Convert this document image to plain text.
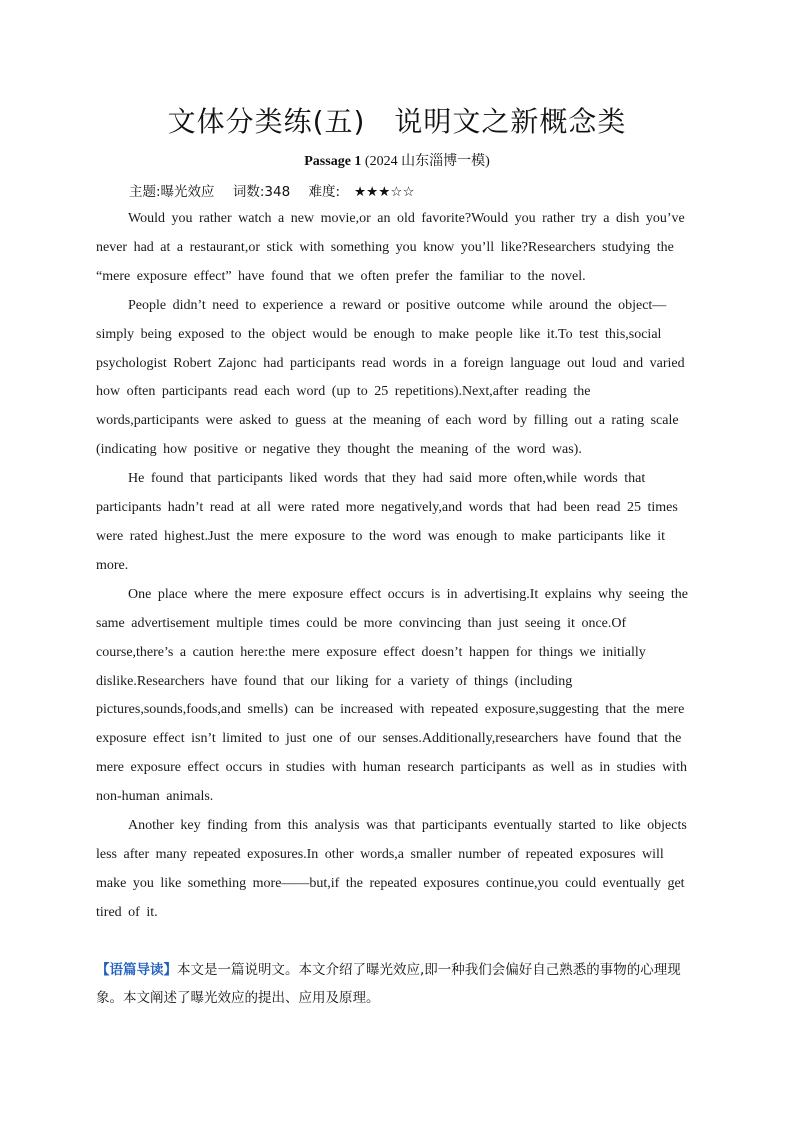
文体分类练(五)　说明文之新概念类
Passage 1 (2024 山东淄博一模)
主题:曝光效应 词数:348 难度: ★★★☆☆

Would you rather watch a new movie,or an old favorite?Would you rather try a dish you’ve never had at a restaurant,or stick with something you know you’ll like?Researchers studying the “mere exposure effect” have found that we often prefer the familiar to the novel.

People didn’t need to experience a reward or positive outcome while around the object—simply being exposed to the object would be enough to make people like it.To test this,social psychologist Robert Zajonc had participants read words in a foreign language out loud and varied how often participants read each word (up to 25 repetitions).Next,after reading the words,participants were asked to guess at the meaning of each word by filling out a rating scale (indicating how positive or negative they thought the meaning of the word was).

He found that participants liked words that they had said more often,while words that participants hadn’t read at all were rated more negatively,and words that had been read 25 times were rated highest.Just the mere exposure to the word was enough to make participants like it more.

One place where the mere exposure effect occurs is in advertising.It explains why seeing the same advertisement multiple times could be more convincing than just seeing it once.Of course,there’s a caution here:the mere exposure effect doesn’t happen for things we initially dislike.Researchers have found that our liking for a variety of things (including pictures,sounds,foods,and smells) can be increased with repeated exposure,suggesting that the mere exposure effect isn’t limited to just one of our senses.Additionally,researchers have found that the mere exposure effect occurs in studies with human research participants as well as in studies with non-human animals.

Another key finding from this analysis was that participants eventually started to like objects less after many repeated exposures.In other words,a smaller number of repeated exposures will make you like something more——but,if the repeated exposures continue,you could eventually get tired of it.

【语篇导读】本文是一篇说明文。本文介绍了曝光效应,即一种我们会偏好自己熟悉的事物的心理现象。本文阐述了曝光效应的提出、应用及原理。
